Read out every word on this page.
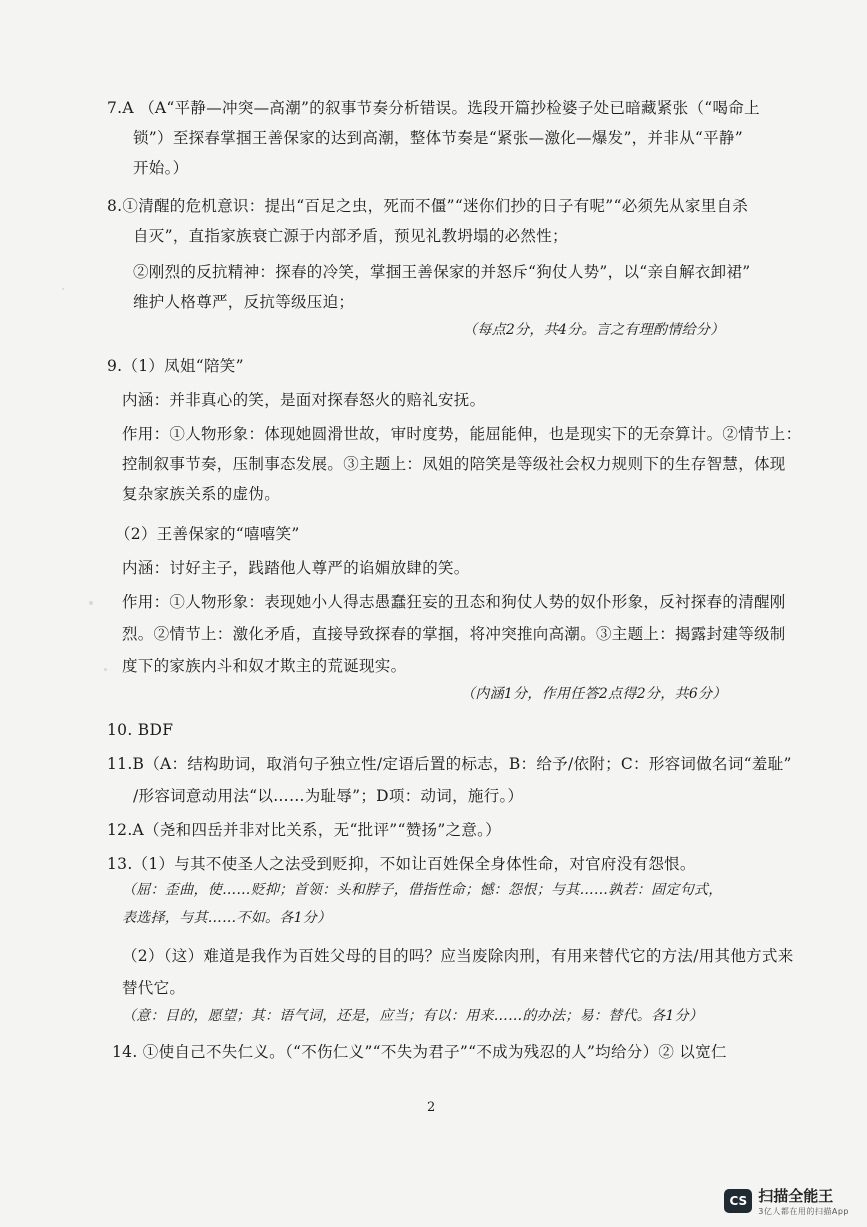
7.A （A“平静—冲突—高潮”的叙事节奏分析错误。选段开篇抄检婆子处已暗藏紧张（“喝命上
锁”）至探春掌掴王善保家的达到高潮，整体节奏是“紧张—激化—爆发”，并非从“平静”
开始。）
8.①清醒的危机意识：提出“百足之虫，死而不僵”“迷你们抄的日子有呢”“必须先从家里自杀
自灭”，直指家族衰亡源于内部矛盾，预见礼教坍塌的必然性；
②刚烈的反抗精神：探春的冷笑，掌掴王善保家的并怒斥“狗仗人势”，以“亲自解衣卸裙”
维护人格尊严，反抗等级压迫；
（每点2分，共4分。言之有理酌情给分）
9.（1）凤姐“陪笑”
内涵：并非真心的笑，是面对探春怒火的赔礼安抚。
作用：①人物形象：体现她圆滑世故，审时度势，能屈能伸，也是现实下的无奈算计。②情节上：
控制叙事节奏，压制事态发展。③主题上：凤姐的陪笑是等级社会权力规则下的生存智慧，体现
复杂家族关系的虚伪。
（2）王善保家的“嘻嘻笑”
内涵：讨好主子，践踏他人尊严的谄媚放肆的笑。
作用：①人物形象：表现她小人得志愚蠢狂妄的丑态和狗仗人势的奴仆形象，反衬探春的清醒刚
烈。②情节上：激化矛盾，直接导致探春的掌掴，将冲突推向高潮。③主题上：揭露封建等级制
度下的家族内斗和奴才欺主的荒诞现实。
（内涵1分，作用任答2点得2分，共6分）
10. BDF
11.B（A：结构助词，取消句子独立性/定语后置的标志，B：给予/依附；C：形容词做名词“羞耻”
/形容词意动用法“以……为耻辱”；D项：动词，施行。）
12.A（尧和四岳并非对比关系，无“批评”“赞扬”之意。）
13.（1）与其不使圣人之法受到贬抑，不如让百姓保全身体性命，对官府没有怨恨。
（屈：歪曲，使……贬抑；首领：头和脖子，借指性命；憾：怨恨；与其……孰若：固定句式，
表选择，与其……不如。各1分）
（2）（这）难道是我作为百姓父母的目的吗？应当废除肉刑，有用来替代它的方法/用其他方式来
替代它。
（意：目的，愿望；其：语气词，还是，应当；有以：用来……的办法；易：替代。各1分）
14. ①使自己不失仁义。（“不伤仁义”“不失为君子”“不成为残忍的人”均给分）② 以宽仁
2
CS 扫描全能王
3亿人都在用的扫描App
